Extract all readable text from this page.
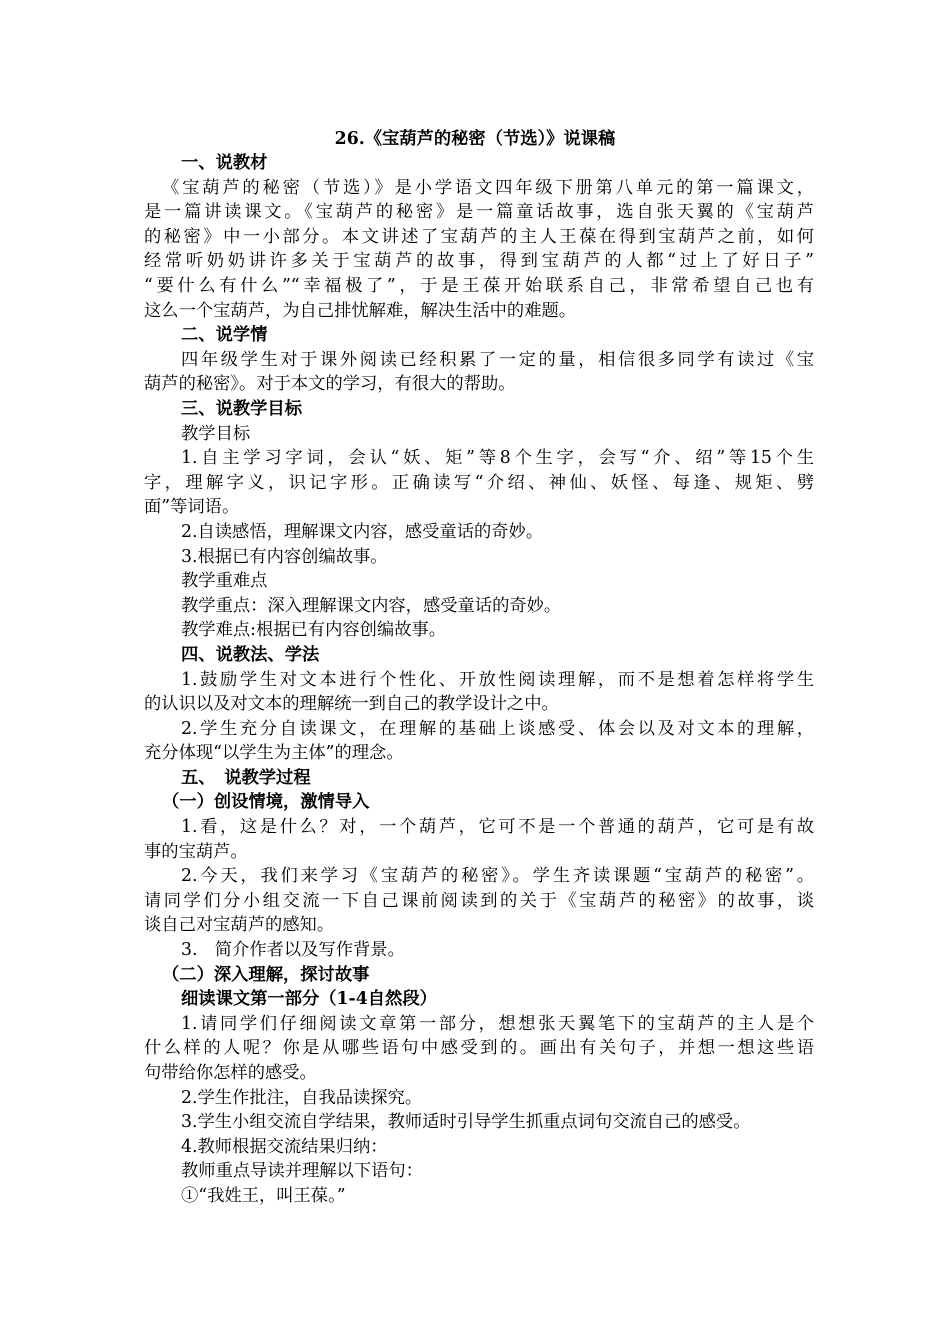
26.《宝葫芦的秘密（节选）》说课稿
一、说教材
《宝葫芦的秘密（节选）》是小学语文四年级下册第八单元的第一篇课文，
是一篇讲读课文。《宝葫芦的秘密》是一篇童话故事，选自张天翼的《宝葫芦
的秘密》中一小部分。本文讲述了宝葫芦的主人王葆在得到宝葫芦之前，如何
经常听奶奶讲许多关于宝葫芦的故事，得到宝葫芦的人都“过上了好日子”
“要什么有什么”“幸福极了”，于是王葆开始联系自己，非常希望自己也有
这么一个宝葫芦，为自己排忧解难，解决生活中的难题。
二、说学情
四年级学生对于课外阅读已经积累了一定的量，相信很多同学有读过《宝
葫芦的秘密》。对于本文的学习，有很大的帮助。
三、说教学目标
教学目标
1.自主学习字词，会认“妖、矩”等8个生字，会写“介、绍”等15个生
字，理解字义，识记字形。正确读写“介绍、神仙、妖怪、每逢、规矩、劈
面”等词语。
2.自读感悟，理解课文内容，感受童话的奇妙。
3.根据已有内容创编故事。
教学重难点
教学重点：深入理解课文内容，感受童话的奇妙。
教学难点:根据已有内容创编故事。
四、说教法、学法
1.鼓励学生对文本进行个性化、开放性阅读理解，而不是想着怎样将学生
的认识以及对文本的理解统一到自己的教学设计之中。
2.学生充分自读课文，在理解的基础上谈感受、体会以及对文本的理解，
充分体现“以学生为主体”的理念。
五、　说教学过程
（一）创设情境，激情导入
1.看，这是什么？对，一个葫芦，它可不是一个普通的葫芦，它可是有故
事的宝葫芦。
2.今天，我们来学习《宝葫芦的秘密》。学生齐读课题“宝葫芦的秘密”。
请同学们分小组交流一下自己课前阅读到的关于《宝葫芦的秘密》的故事，谈
谈自己对宝葫芦的感知。
3.　简介作者以及写作背景。
（二）深入理解，探讨故事
细读课文第一部分（1-4自然段）
1.请同学们仔细阅读文章第一部分，想想张天翼笔下的宝葫芦的主人是个
什么样的人呢？你是从哪些语句中感受到的。画出有关句子，并想一想这些语
句带给你怎样的感受。
2.学生作批注，自我品读探究。
3.学生小组交流自学结果，教师适时引导学生抓重点词句交流自己的感受。
4.教师根据交流结果归纳：
教师重点导读并理解以下语句：
①“我姓王，叫王葆。”
